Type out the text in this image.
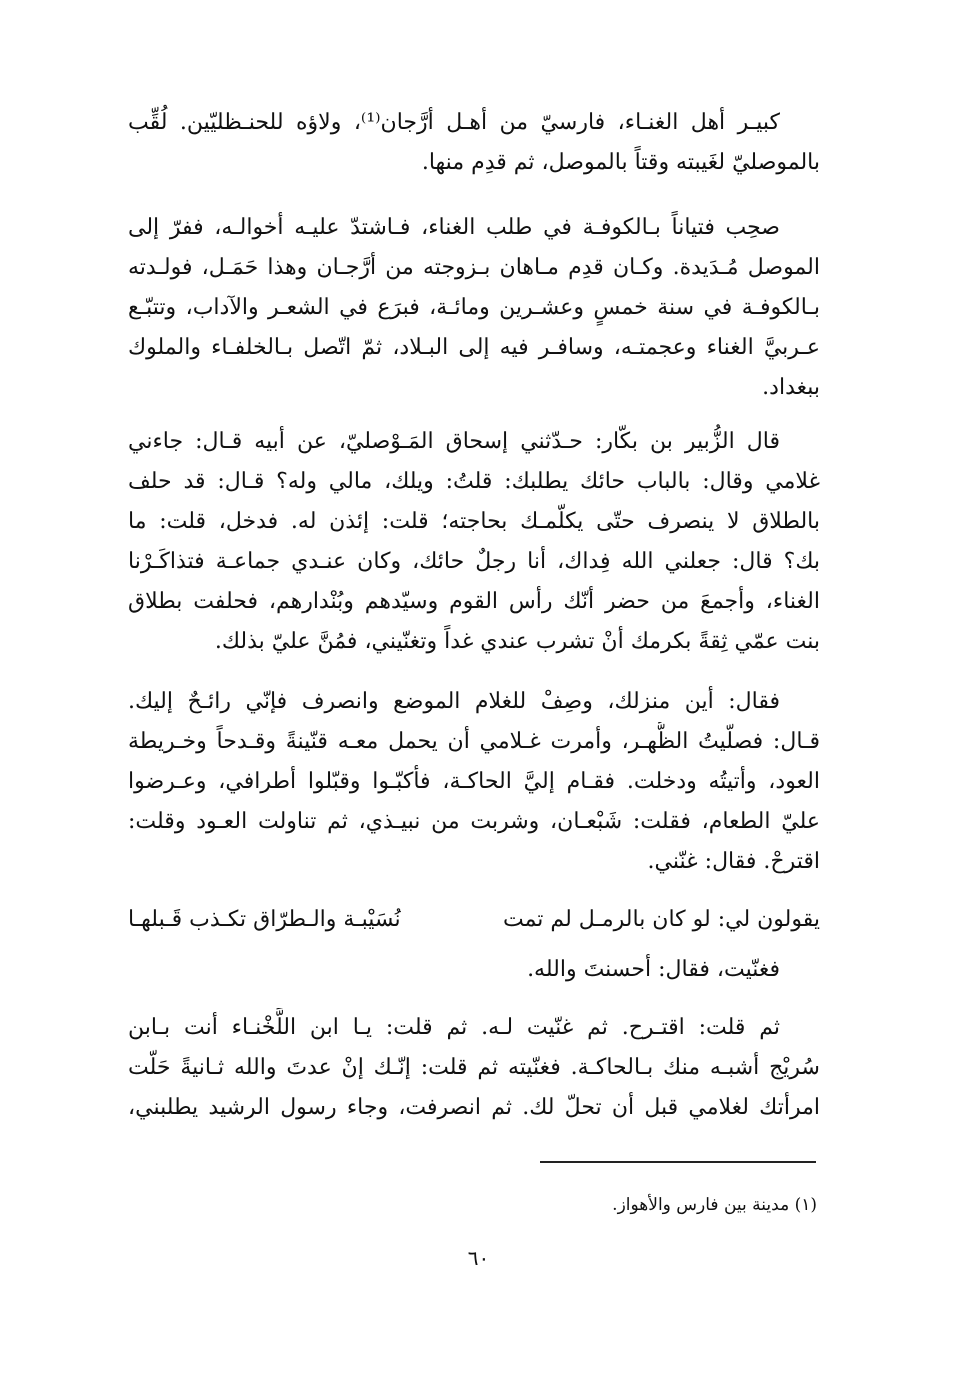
كبيـر أهل الغنـاء، فارسيّ من أهـل أرَّجان⁽¹⁾، ولاؤه للحنـظليّين. لُقِّب
بالموصليّ لغَيبته وقتاً بالموصل، ثم قدِم منها.
صحِب فتياناً بـالكوفـة في طلب الغناء، فـاشتدّ عليـه أخوالـه، ففرّ إلى
الموصل مُـدَيدة. وكـان قدِم مـاهان بـزوجته من أرَّجـان وهذا حَمَـل، فولـدته
بـالكوفـة في سنة خمسٍ وعشـرين ومائـة، فبرَع في الشعـر والآداب، وتتبّـع
عـربيَّ الغناء وعجمتـه، وسافـر فيه إلى البـلاد، ثمّ اتّصل بـالخلفـاء والملوك
ببغداد.
قال الزُّبير بن بكّار: حـدّثني إسحاق المَـوْصليّ، عن أبيه قـال: جاءني
غلامي وقال: بالباب حائك يطلبك: قلتُ: ويلك، مالي وله؟ قـال: قد حلف
بالطلاق لا ينصرف حتّى يكلّمـك بحاجته؛ قلت: إئذن له. فدخل، قلت: ما
بك؟ قال: جعلني الله فِداك، أنا رجلٌ حائك، وكان عنـدي جماعـة فتذاكَـرْنا
الغناء، وأجمعَ من حضر أنّك رأس القوم وسيّدهم وبُنْدارهم، فحلفت بطلاق
بنت عمّي ثِقةً بكرمك أنْ تشرب عندي غداً وتغنّيني، فمُنَّ عليّ بذلك.
فقال: أين منزلك، وصِفْ للغلام الموضع وانصرف فإنّي رائـحٌ إليك.
قـال: فصلّيتُ الظُّهـر، وأمرت غـلامي أن يحمل معـه قنّينةً وقـدحاً وخـريطة
العود، وأتيتُه ودخلت. فقـام إليَّ الحاكـة، فأكبّـوا وقبّلوا أطرافي، وعـرضوا
عليّ الطعام، فقلت: شَبْعـان، وشربت من نبيـذي، ثم تناولت العـود وقلت:
اقترحْ. فقال: غنّني.
يقولون لي: لو كان بالرمـل لم تمت
نُسَيْبـة والـطرّاق تكـذب قَـبلهـا
فغنّيت، فقال: أحسنتَ والله.
ثم قلت: اقتـرح. ثم غنّيت لـه. ثم قلت: يـا ابن اللَّخْنـاء أنت بـابن
سُريْج أشبـه منك بـالحاكـة. فغنّيته ثم قلت: إنّـك إنْ عدتَ والله ثـانيةً حَلّت
امرأتك لغلامي قبل أن تحلّ لك. ثم انصرفت، وجاء رسول الرشيد يطلبني،
(١) مدينة بين فارس والأهواز.
٦٠
